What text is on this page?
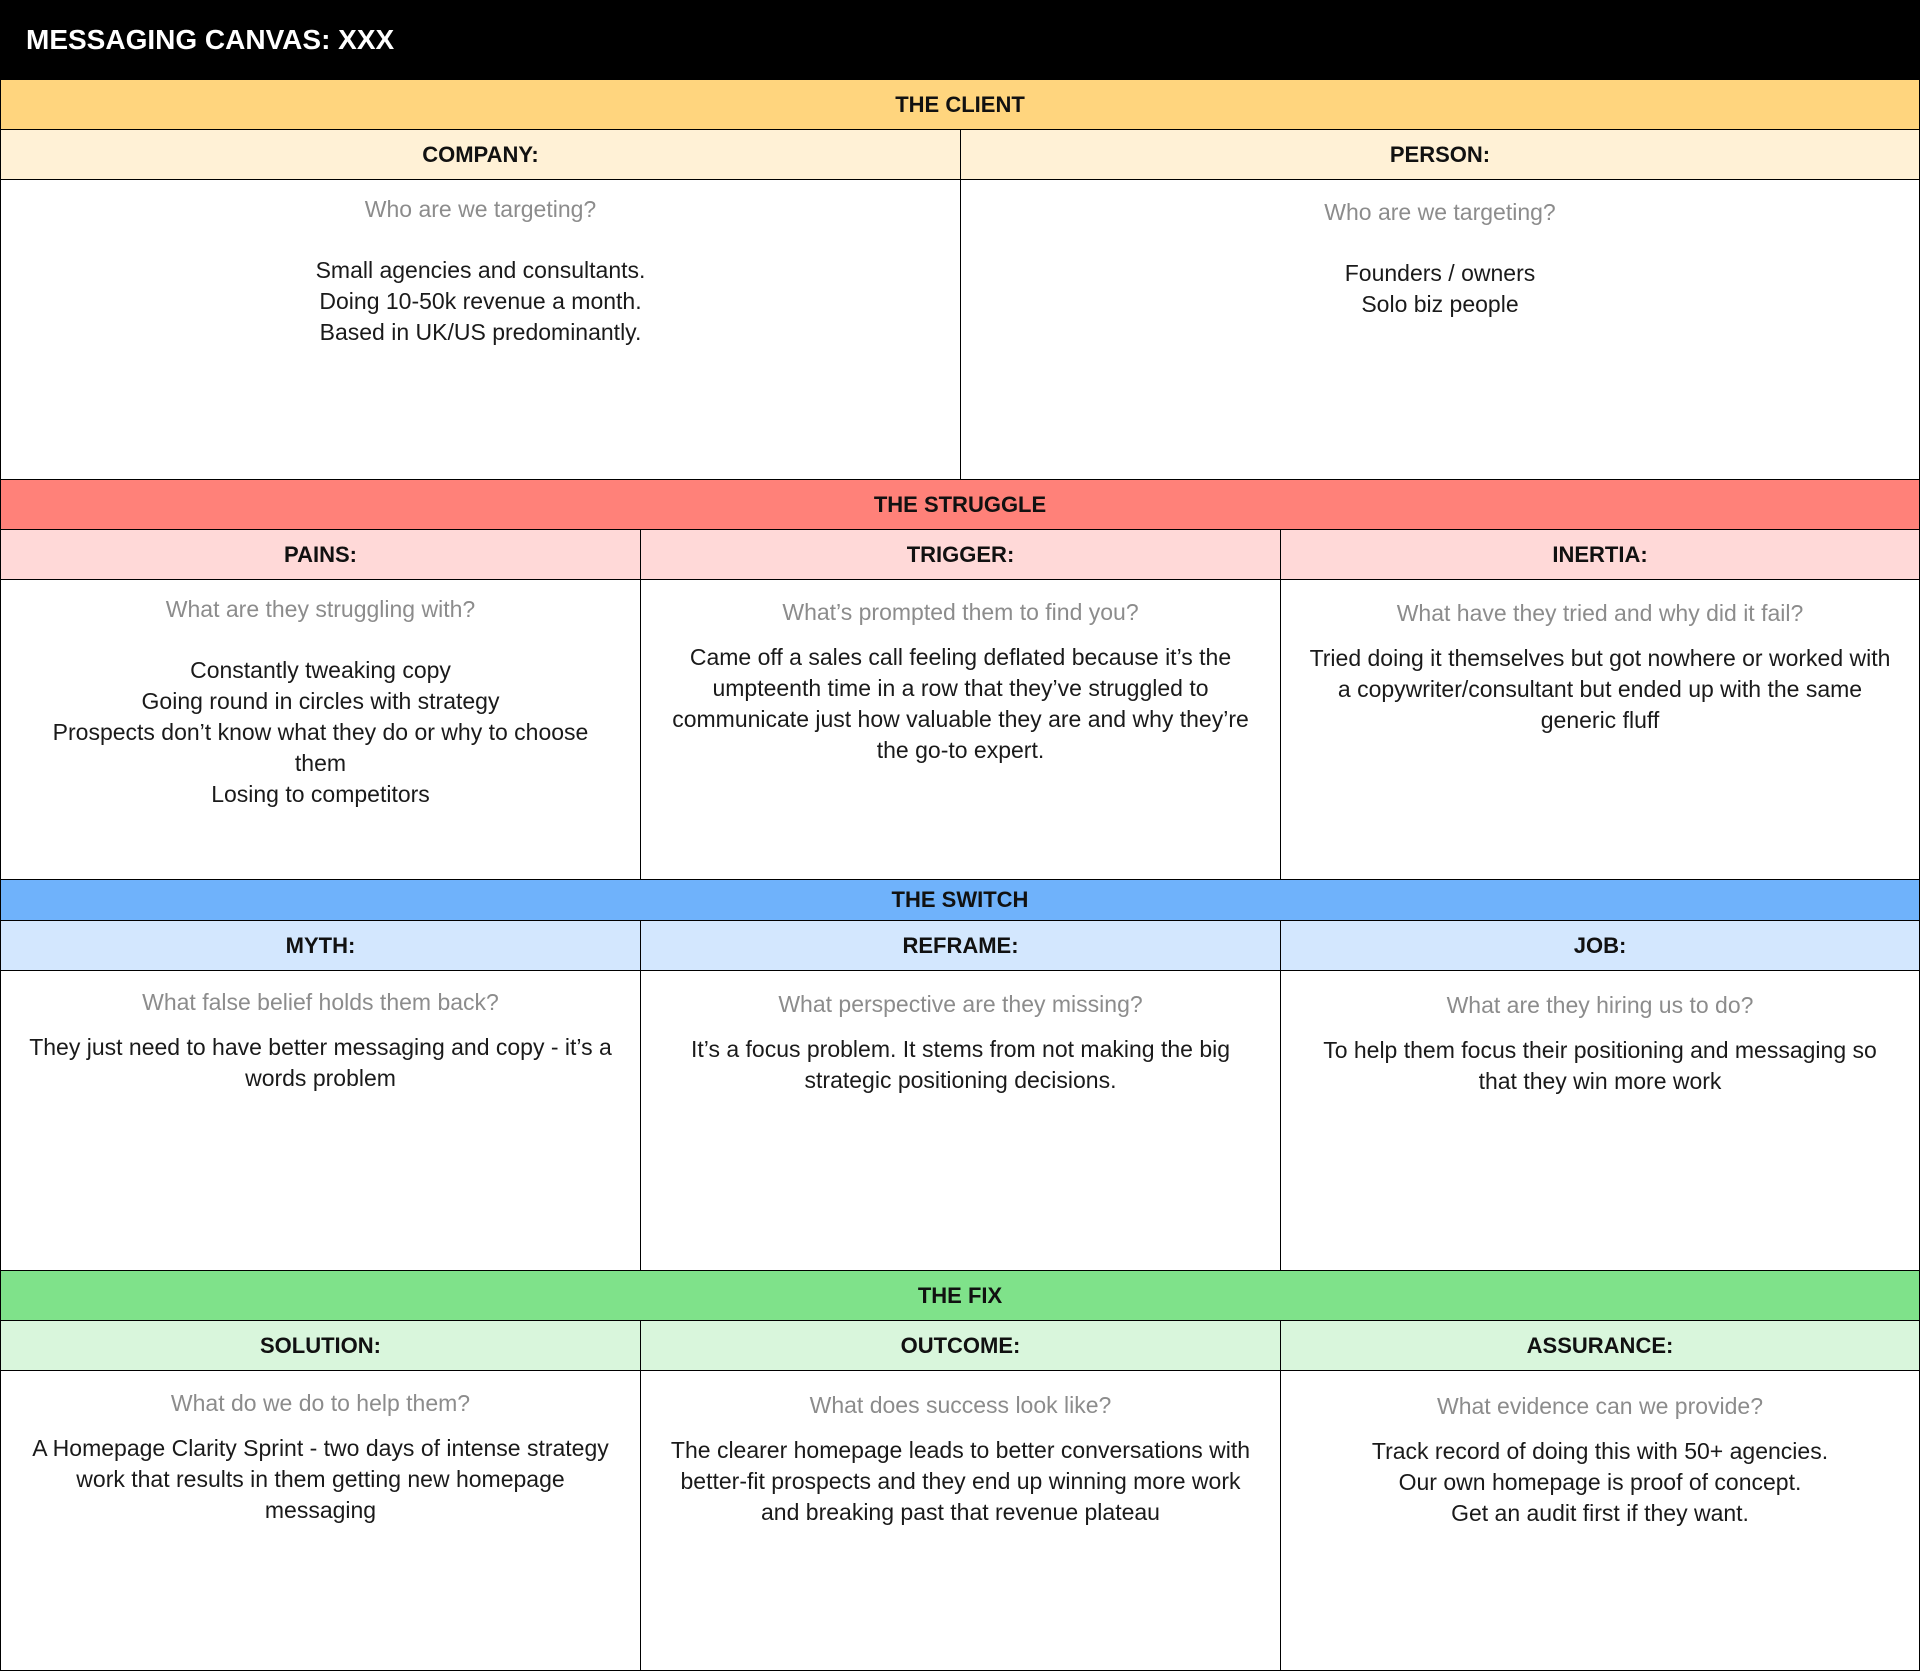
MESSAGING CANVAS: XXX
THE CLIENT
COMPANY:
Who are we targeting?
Small agencies and consultants.
Doing 10-50k revenue a month.
Based in UK/US predominantly.
PERSON:
Who are we targeting?
Founders / owners
Solo biz people
THE STRUGGLE
PAINS:
What are they struggling with?
Constantly tweaking copy
Going round in circles with strategy
Prospects don’t know what they do or why to choose them
Losing to competitors
TRIGGER:
What’s prompted them to find you?
Came off a sales call feeling deflated because it’s the umpteenth time in a row that they’ve struggled to communicate just how valuable they are and why they’re the go-to expert.
INERTIA:
What have they tried and why did it fail?
Tried doing it themselves but got nowhere or worked with a copywriter/consultant but ended up with the same generic fluff
THE SWITCH
MYTH:
What false belief holds them back?
They just need to have better messaging and copy - it’s a words problem
REFRAME:
What perspective are they missing?
It’s a focus problem. It stems from not making the big strategic positioning decisions.
JOB:
What are they hiring us to do?
To help them focus their positioning and messaging so that they win more work
THE FIX
SOLUTION:
What do we do to help them?
A Homepage Clarity Sprint - two days of intense strategy work that results in them getting new homepage messaging
OUTCOME:
What does success look like?
The clearer homepage leads to better conversations with better-fit prospects and they end up winning more work and breaking past that revenue plateau
ASSURANCE:
What evidence can we provide?
Track record of doing this with 50+ agencies.
Our own homepage is proof of concept.
Get an audit first if they want.
